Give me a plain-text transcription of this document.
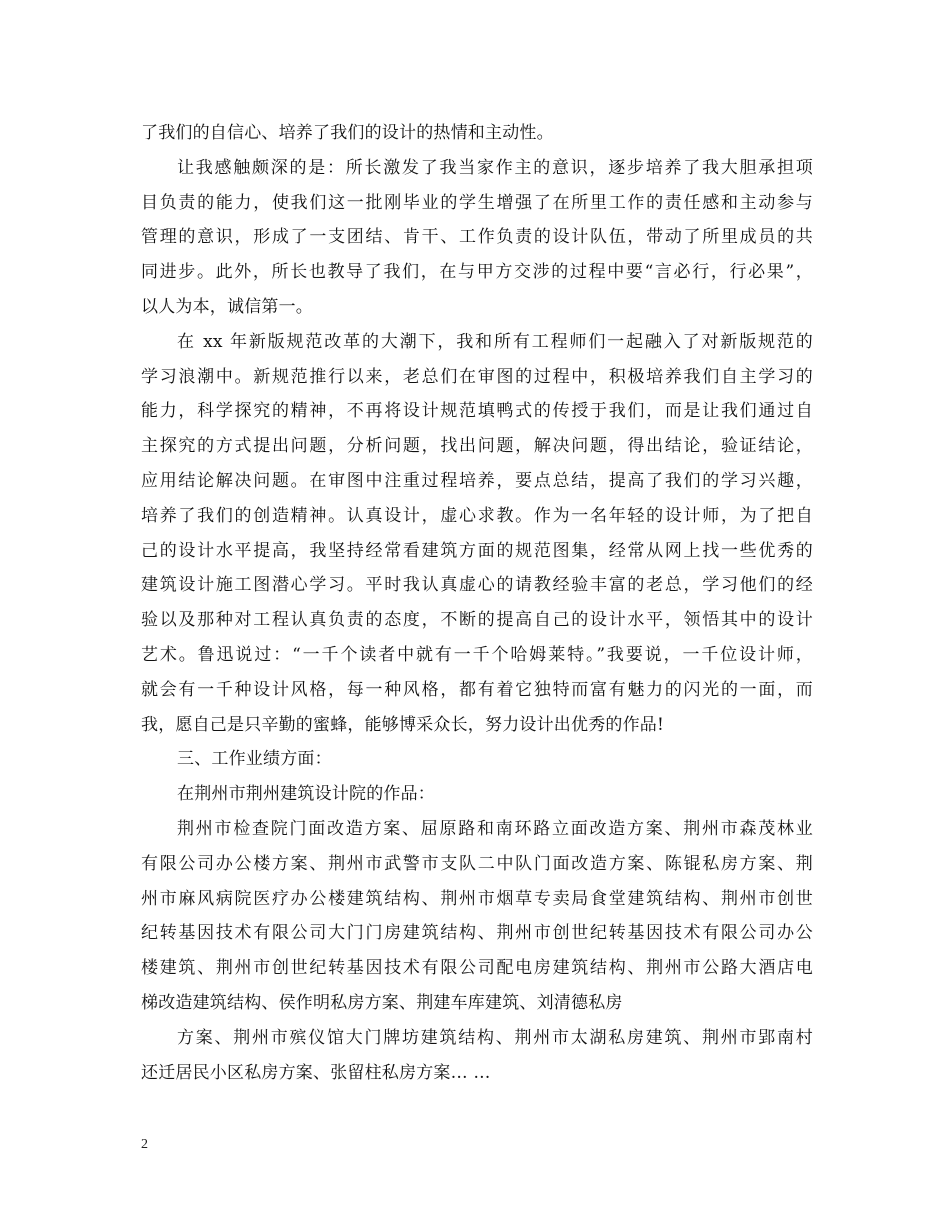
了我们的自信心、培养了我们的设计的热情和主动性。
让我感触颇深的是：所长激发了我当家作主的意识，逐步培养了我大胆承担项
目负责的能力，使我们这一批刚毕业的学生增强了在所里工作的责任感和主动参与
管理的意识，形成了一支团结、肯干、工作负责的设计队伍，带动了所里成员的共
同进步。此外，所长也教导了我们，在与甲方交涉的过程中要“言必行，行必果”，
以人为本，诚信第一。
在 xx 年新版规范改革的大潮下，我和所有工程师们一起融入了对新版规范的
学习浪潮中。新规范推行以来，老总们在审图的过程中，积极培养我们自主学习的
能力，科学探究的精神，不再将设计规范填鸭式的传授于我们，而是让我们通过自
主探究的方式提出问题，分析问题，找出问题，解决问题，得出结论，验证结论，
应用结论解决问题。在审图中注重过程培养，要点总结，提高了我们的学习兴趣，
培养了我们的创造精神。认真设计，虚心求教。作为一名年轻的设计师，为了把自
己的设计水平提高，我坚持经常看建筑方面的规范图集，经常从网上找一些优秀的
建筑设计施工图潜心学习。平时我认真虚心的请教经验丰富的老总，学习他们的经
验以及那种对工程认真负责的态度，不断的提高自己的设计水平，领悟其中的设计
艺术。鲁迅说过：“一千个读者中就有一千个哈姆莱特。”我要说，一千位设计师，
就会有一千种设计风格，每一种风格，都有着它独特而富有魅力的闪光的一面，而
我，愿自己是只辛勤的蜜蜂，能够博采众长，努力设计出优秀的作品!
三、工作业绩方面：
在荆州市荆州建筑设计院的作品：
荆州市检查院门面改造方案、屈原路和南环路立面改造方案、荆州市森茂林业
有限公司办公楼方案、荆州市武警市支队二中队门面改造方案、陈锟私房方案、荆
州市麻风病院医疗办公楼建筑结构、荆州市烟草专卖局食堂建筑结构、荆州市创世
纪转基因技术有限公司大门门房建筑结构、荆州市创世纪转基因技术有限公司办公
楼建筑、荆州市创世纪转基因技术有限公司配电房建筑结构、荆州市公路大酒店电
梯改造建筑结构、侯作明私房方案、荆建车库建筑、刘清德私房
方案、荆州市殡仪馆大门牌坊建筑结构、荆州市太湖私房建筑、荆州市郢南村
还迁居民小区私房方案、张留柱私房方案… …
2
